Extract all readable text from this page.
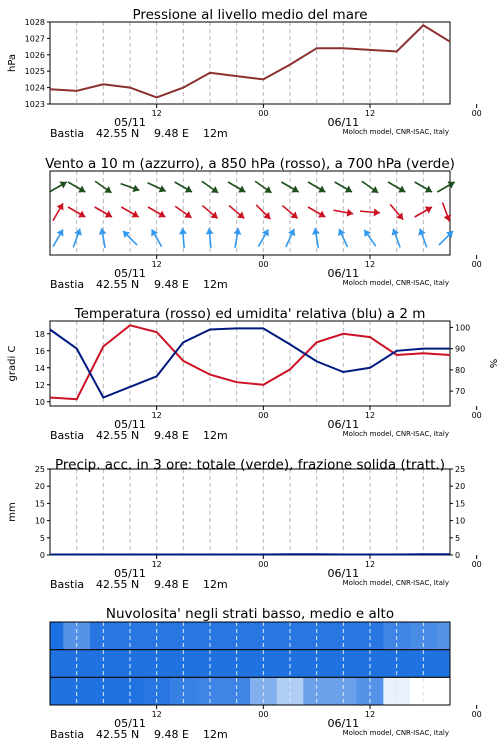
Pressione al livello medio del mare
1023
1024
1025
1026
1027
1028
hPa
12	00	12	00
05/11	06/11
Bastia 42.55 N 9.48 E 12m	Moloch model, CNR-ISAC, Italy
Vento a 10 m (azzurro), a 850 hPa (rosso), a 700 hPa (verde)
12	00	12	00
05/11	06/11
Bastia 42.55 N 9.48 E 12m	Moloch model, CNR-ISAC, Italy
Temperatura (rosso) ed umidita' relativa (blu) a 2 m
10
12
14
16
18
70
80
90
100
gradi C	%
12	00	12	00
05/11	06/11
Bastia 42.55 N 9.48 E 12m	Moloch model, CNR-ISAC, Italy
Precip. acc. in 3 ore: totale (verde), frazione solida (tratt.)
0
5
10
15
20
25
0
5
10
15
20
25
mm
12	00	12	00
05/11	06/11
Bastia 42.55 N 9.48 E 12m	Moloch model, CNR-ISAC, Italy
Nuvolosita' negli strati basso, medio e alto
12	00	12	00
05/11	06/11
Bastia 42.55 N 9.48 E 12m	Moloch model, CNR-ISAC, Italy
